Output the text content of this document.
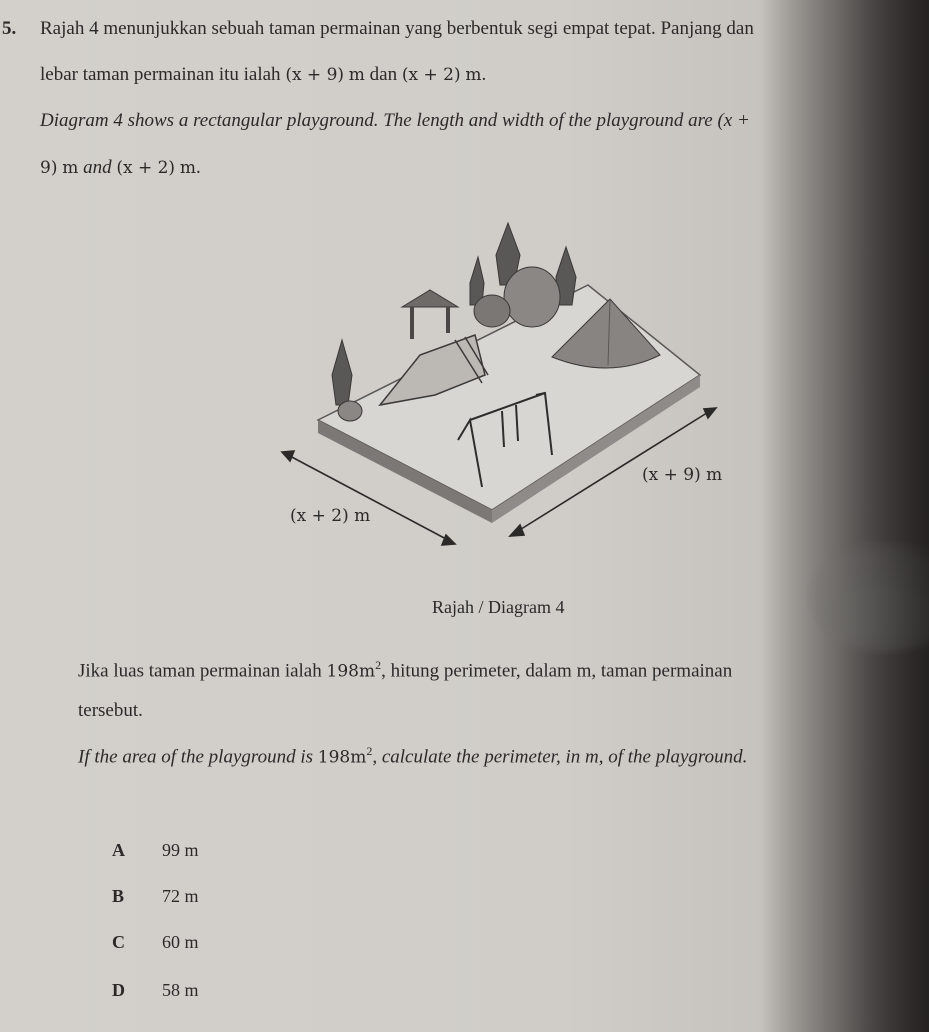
5. Rajah 4 menunjukkan sebuah taman permainan yang berbentuk segi empat tepat. Panjang dan
lebar taman permainan itu ialah (x + 9) m dan (x + 2) m.
Diagram 4 shows a rectangular playground. The length and width of the playground are (x +
9) m and (x + 2) m.
(x + 9) m
(x + 2) m
Rajah / Diagram 4
Jika luas taman permainan ialah $198m^2$, hitung perimeter, dalam m, taman permainan
tersebut.
If the area of the playground is $198m^2$, calculate the perimeter, in m, of the playground.
A 99 m
B 72 m
C 60 m
D 58 m
